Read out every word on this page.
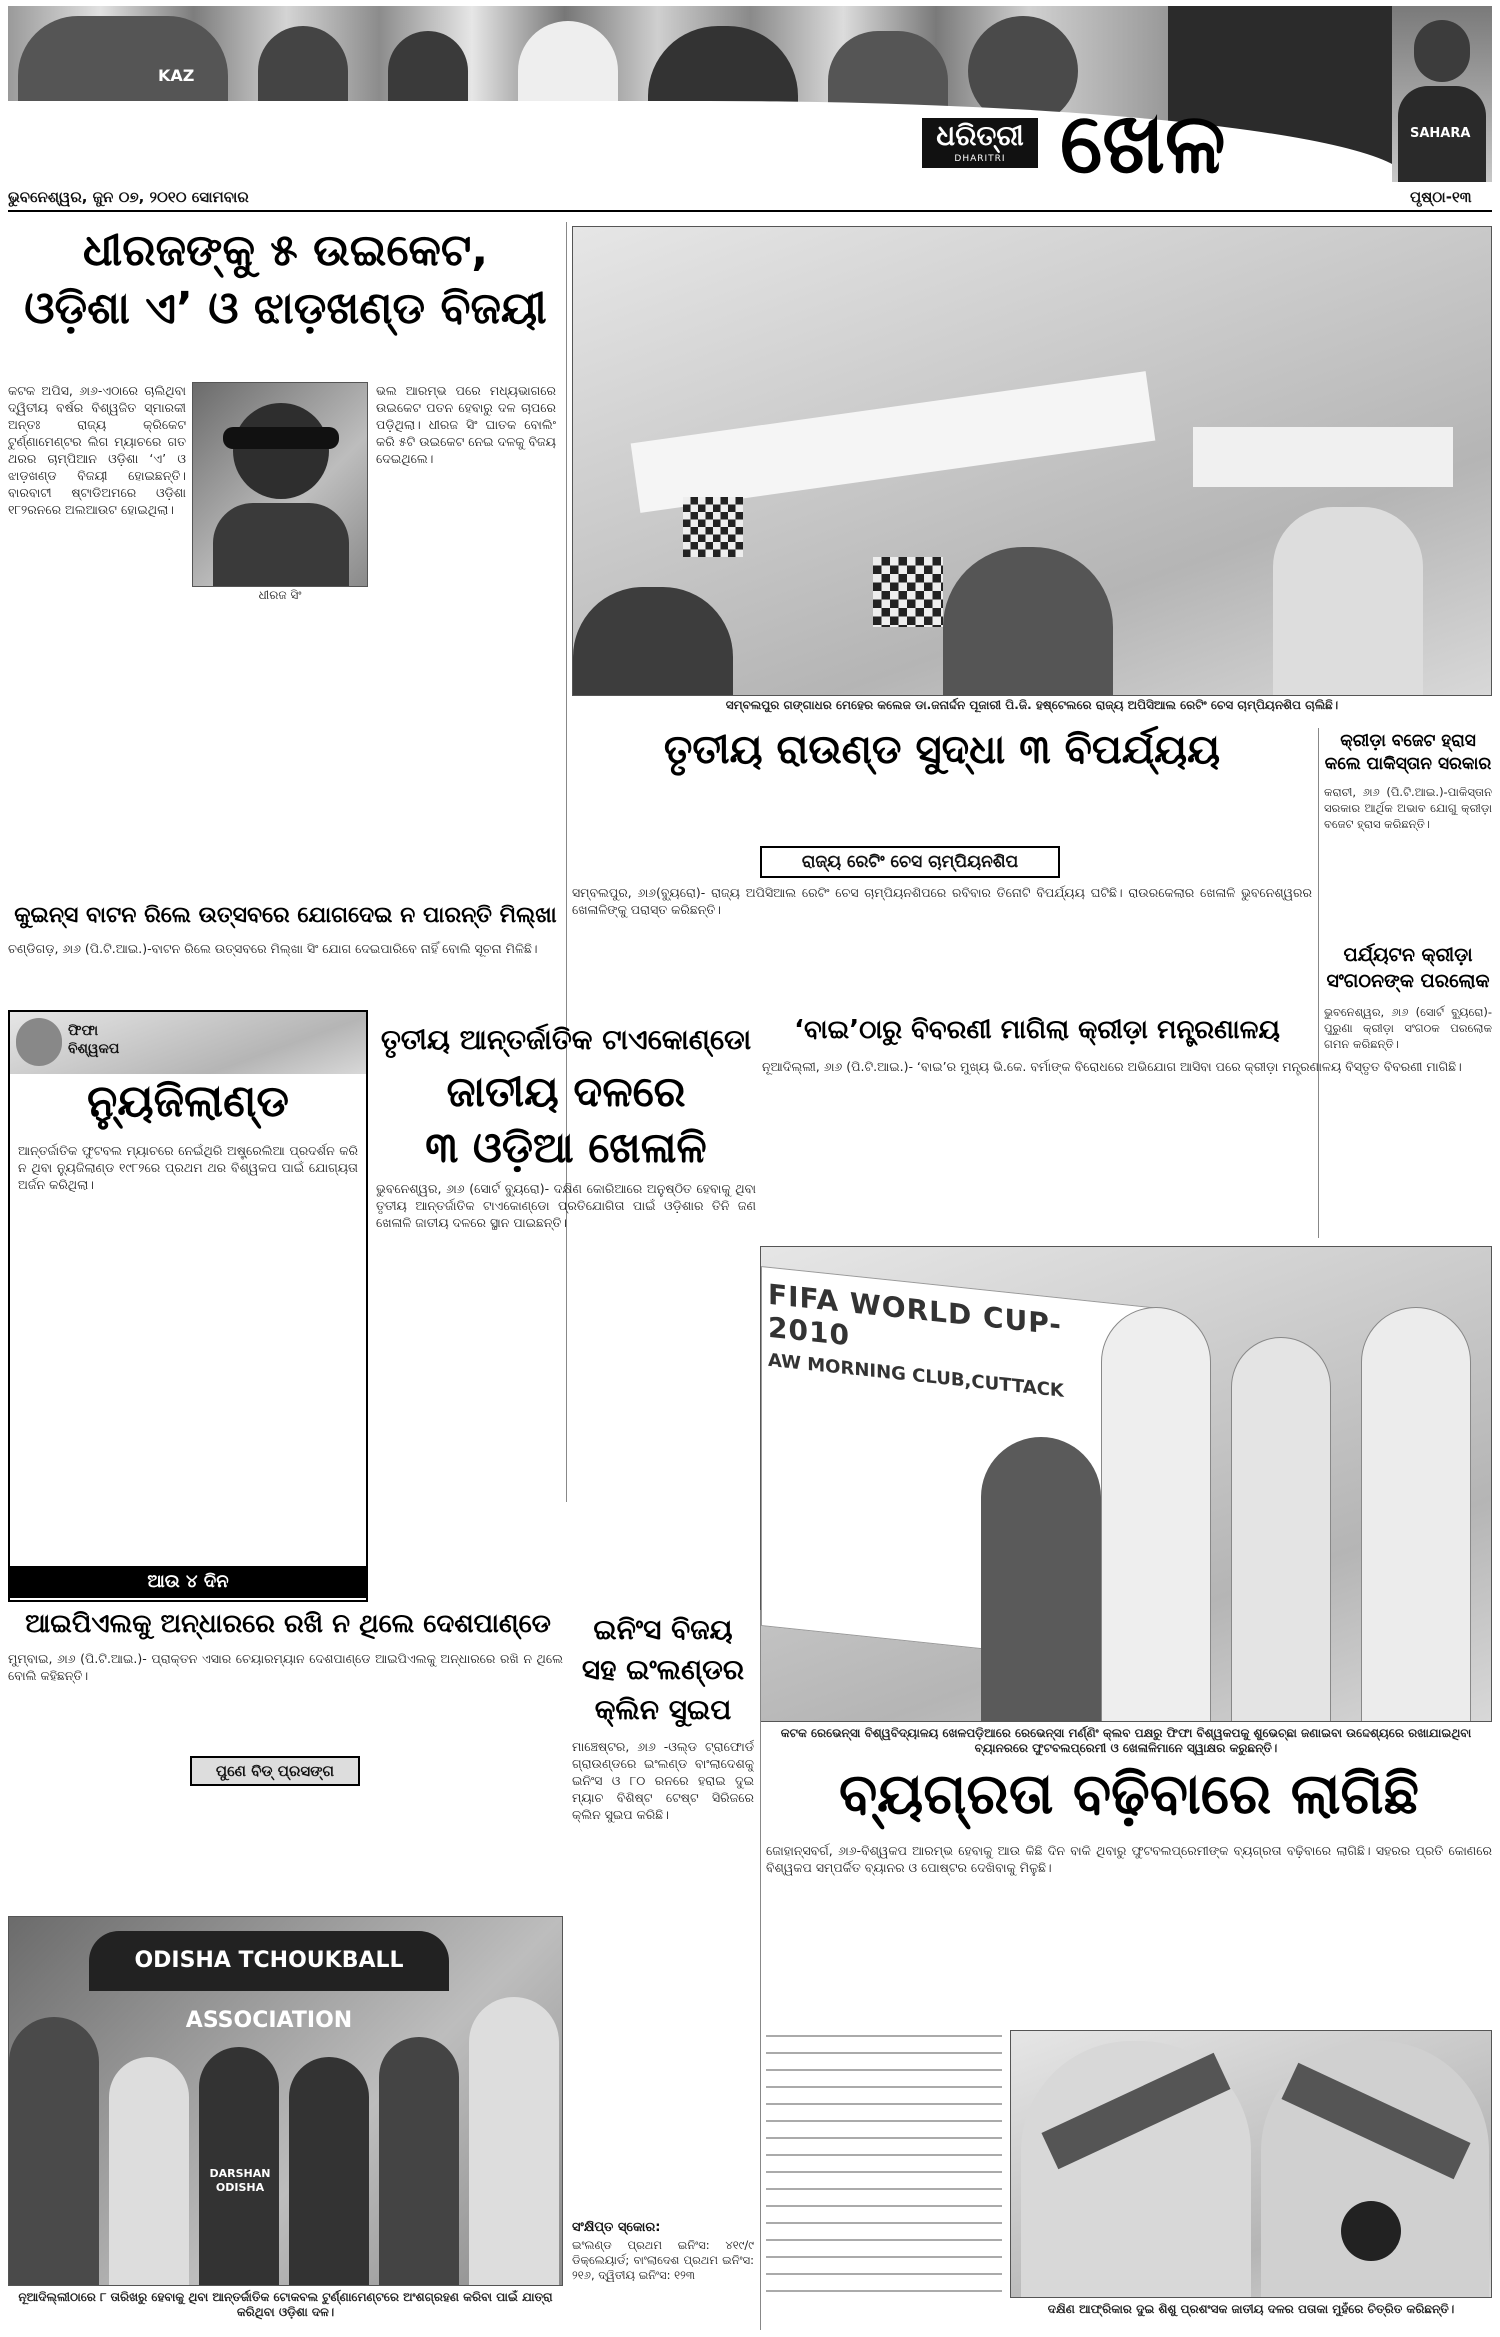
KAZ
SAHARA
ଧରିତ୍ରୀ
DHARITRI ଖେଳ
ଭୁବନେଶ୍ୱର, ଜୁନ ୦୭, ୨୦୧୦ ସୋମବାର	ପୃଷ୍ଠା-୧୩
ଧୀରଜଙ୍କୁ ୫ ଉଇକେଟ,
ଓଡ଼ିଶା ଏ’ ଓ ଝାଡ଼ଖଣ୍ଡ ବିଜୟୀ
ଧୀରଜ ସିଂ
କଟକ ଅପିସ, ୬ା୬-ଏଠାରେ ଚାଲିଥିବା ଦ୍ୱିତୀୟ ବର୍ଷର ବିଶ୍ୱଜିତ ସ୍ମାରକୀ ଅନ୍ତଃ ରାଜ୍ୟ କ୍ରିକେଟ ଟୁର୍ଣ୍ଣାମେଣ୍ଟର ଲିଗ ମ୍ୟାଚରେ ଗତ ଥରର ଚାମ୍ପିଆନ ଓଡ଼ିଶା ‘ଏ’ ଓ ଝାଡ଼ଖଣ୍ଡ ବିଜୟୀ ହୋଇଛନ୍ତି। ବାରବାଟୀ ଷ୍ଟାଡିଅମରେ ଓଡ଼ିଶା ୧୮୨ରନରେ ଅଲଆଉଟ ହୋଇଥିଲା।
ଭଲ ଆରମ୍ଭ ପରେ ମଧ୍ୟଭାଗରେ ଉଇକେଟ ପତନ ହେବାରୁ ଦଳ ଚାପରେ ପଡ଼ିଥିଲା। ଧୀରଜ ସିଂ ଘାତକ ବୋଲିଂ କରି ୫ଟି ଉଇକେଟ ନେଇ ଦଳକୁ ବିଜୟ ଦେଇଥିଲେ।
ସମ୍ବଲପୁର ଗଙ୍ଗାଧର ମେହେର କଲେଜ ଡା.ଜନାର୍ଦ୍ଦନ ପୂଜାରୀ ପି.ଜି. ହଷ୍ଟେଲରେ ରାଜ୍ୟ ଅପିସିଆଲ ରେଟିଂ ଚେସ ଚାମ୍ପିୟନଶିପ ଚାଲିଛି।
ତୃତୀୟ ରାଉଣ୍ଡ ସୁଦ୍ଧା ୩ ବିପର୍ଯ୍ୟୟ
ରାଜ୍ୟ ରେଟିଂ ଚେସ ଚାମ୍ପିୟନଶିପ
ସମ୍ବଲପୁର, ୬ା୬(ବ୍ୟୁରୋ)- ରାଜ୍ୟ ଅପିସିଆଲ ରେଟିଂ ଚେସ ଚାମ୍ପିୟନଶିପରେ ରବିବାର ତିନୋଟି ବିପର୍ଯ୍ୟୟ ଘଟିଛି। ରାଉରକେଲାର ଖେଳାଳି ଭୁବନେଶ୍ୱରର ଖେଳାଳିଙ୍କୁ ପରାସ୍ତ କରିଛନ୍ତି।
କ୍ରୀଡ଼ା ବଜେଟ ହ୍ରାସ
କଲେ ପାକିସ୍ତାନ ସରକାର
କରାଚୀ, ୬ା୬ (ପି.ଟି.ଆଇ.)-ପାକିସ୍ତାନ ସରକାର ଆର୍ଥିକ ଅଭାବ ଯୋଗୁ କ୍ରୀଡ଼ା ବଜେଟ ହ୍ରାସ କରିଛନ୍ତି।
ପର୍ଯ୍ୟଟନ କ୍ରୀଡ଼ା
ସଂଗଠନଙ୍କ ପରଲୋକ
ଭୁବନେଶ୍ୱର, ୬ା୬ (ସୋର୍ଟ ବ୍ୟୁରୋ)-ପୁରୁଣା କ୍ରୀଡ଼ା ସଂଗଠକ ପରଲୋକ ଗମନ କରିଛନ୍ତି।
କୁଇନ୍ସ ବାଟନ ରିଲେ ଉତ୍ସବରେ ଯୋଗଦେଇ ନ ପାରନ୍ତି ମିଲ୍ଖା
ଚଣ୍ଡିଗଡ଼, ୬ା୬ (ପି.ଟି.ଆଇ.)-ବାଟନ ରିଲେ ଉତ୍ସବରେ ମିଲ୍ଖା ସିଂ ଯୋଗ ଦେଇପାରିବେ ନାହିଁ ବୋଲି ସୂଚନା ମିଳିଛି।
ଫିଫା ବିଶ୍ୱକପ
ନ୍ୟୁଜିଲାଣ୍ଡ
ଆନ୍ତର୍ଜାତିକ ଫୁଟବଲ ମ୍ୟାଚରେ ନେଇଁଥିରି ଅଷ୍ଟ୍ରେଲିଆ ପ୍ରଦର୍ଶନ କରି ନ ଥିବା ନ୍ୟୁଜିଲାଣ୍ଡ ୧୯୮୨ରେ ପ୍ରଥମ ଥର ବିଶ୍ୱକପ ପାଇଁ ଯୋଗ୍ୟତା ଅର୍ଜନ କରିଥିଲା।
ଆଉ ୪ ଦିନ
ତୃତୀୟ ଆନ୍ତର୍ଜାତିକ ଟାଏକୋଣ୍ଡୋ
ଜାତୀୟ ଦଳରେ
୩ ଓଡ଼ିଆ ଖେଳାଳି
ଭୁବନେଶ୍ୱର, ୬ା୬ (ସୋର୍ଟ ବ୍ୟୁରୋ)- ଦକ୍ଷିଣ କୋରିଆରେ ଅନୁଷ୍ଠିତ ହେବାକୁ ଥିବା ତୃତୀୟ ଆନ୍ତର୍ଜାତିକ ଟାଏକୋଣ୍ଡୋ ପ୍ରତିଯୋଗିତା ପାଇଁ ଓଡ଼ିଶାର ତିନି ଜଣ ଖେଳାଳି ଜାତୀୟ ଦଳରେ ସ୍ଥାନ ପାଇଛନ୍ତି।
‘ବାଇ’ଠାରୁ ବିବରଣୀ ମାଗିଲା କ୍ରୀଡ଼ା ମନ୍ତ୍ରଣାଳୟ
ନୂଆଦିଲ୍ଲୀ, ୬ା୬ (ପି.ଟି.ଆଇ.)- ‘ବାଇ’ର ମୁଖ୍ୟ ଭି.କେ. ବର୍ମାଙ୍କ ବିରୋଧରେ ଅଭିଯୋଗ ଆସିବା ପରେ କ୍ରୀଡ଼ା ମନ୍ତ୍ରଣାଳୟ ବିସ୍ତୃତ ବିବରଣୀ ମାଗିଛି।
FIFA WORLD CUP- 2010
AW MORNING CLUB,CUTTACK
କଟକ ରେଭେନ୍ସା ବିଶ୍ୱବିଦ୍ୟାଳୟ ଖେଳପଡ଼ିଆରେ ରେଭେନ୍ସା ମର୍ଣ୍ଣିଂ କ୍ଲବ ପକ୍ଷରୁ ଫିଫା ବିଶ୍ୱକପକୁ ଶୁଭେଚ୍ଛା ଜଣାଇବା ଉଦ୍ଦେଶ୍ୟରେ ରଖାଯାଇଥିବା ବ୍ୟାନରରେ ଫୁଟବଲପ୍ରେମୀ ଓ ଖେଳାଳିମାନେ ସ୍ୱାକ୍ଷର କରୁଛନ୍ତି।
ଆଇପିଏଲକୁ ଅନ୍ଧାରରେ ରଖି ନ ଥିଲେ ଦେଶପାଣ୍ଡେ
ପୁଣେ ବିଡ୍ ପ୍ରସଙ୍ଗ
ମୁମ୍ବାଇ, ୬ା୬ (ପି.ଟି.ଆଇ.)- ପ୍ରାକ୍ତନ ଏସାର ଚେୟାରମ୍ୟାନ ଦେଶପାଣ୍ଡେ ଆଇପିଏଲକୁ ଅନ୍ଧାରରେ ରଖି ନ ଥିଲେ ବୋଲି କହିଛନ୍ତି।
ଇନିଂସ ବିଜୟ
ସହ ଇଂଲଣ୍ଡର
କ୍ଲିନ ସୁଇପ
ମାଞ୍ଚେଷ୍ଟର, ୬ା୬ -ଓଲ୍ଡ ଟ୍ରାଫୋର୍ଡ ଗ୍ରାଉଣ୍ଡରେ ଇଂଲଣ୍ଡ ବାଂଲାଦେଶକୁ ଇନିଂସ ଓ ୮୦ ରନରେ ହରାଇ ଦୁଇ ମ୍ୟାଚ ବିଶିଷ୍ଟ ଟେଷ୍ଟ ସିରିଜରେ କ୍ଲିନ ସୁଇପ କରିଛି।
ସଂକ୍ଷିପ୍ତ ସ୍କୋର:
ଇଂଲଣ୍ଡ ପ୍ରଥମ ଇନିଂସ: ୪୧୯/୯ ଡିକ୍ଲେୟାର୍ଡ; ବାଂଲାଦେଶ ପ୍ରଥମ ଇନିଂସ: ୨୧୬, ଦ୍ୱିତୀୟ ଇନିଂସ: ୧୨୩
ODISHA TCHOUKBALL ASSOCIATION
DARSHAN ODISHA
ନୂଆଦିଲ୍ଲୀଠାରେ ୮ ତାରିଖରୁ ହେବାକୁ ଥିବା ଆନ୍ତର୍ଜାତିକ ଟୋକବଲ ଟୁର୍ଣ୍ଣାମେଣ୍ଟରେ ଅଂଶଗ୍ରହଣ କରିବା ପାଇଁ ଯାତ୍ରା କରିଥିବା ଓଡ଼ିଶା ଦଳ।
ବ୍ୟଗ୍ରତା ବଢ଼ିବାରେ ଲାଗିଛି
ଜୋହାନ୍ସବର୍ଗ, ୬ା୬-ବିଶ୍ୱକପ ଆରମ୍ଭ ହେବାକୁ ଆଉ କିଛି ଦିନ ବାକି ଥିବାରୁ ଫୁଟବଲପ୍ରେମୀଙ୍କ ବ୍ୟଗ୍ରତା ବଢ଼ିବାରେ ଲାଗିଛି। ସହରର ପ୍ରତି କୋଣରେ ବିଶ୍ୱକପ ସମ୍ପର୍କିତ ବ୍ୟାନର ଓ ପୋଷ୍ଟର ଦେଖିବାକୁ ମିଳୁଛି।
ଦକ୍ଷିଣ ଆଫ୍ରିକାର ଦୁଇ ଶିଶୁ ପ୍ରଶଂସକ ଜାତୀୟ ଦଳର ପତାକା ମୁହଁରେ ଚିତ୍ରିତ କରିଛନ୍ତି।
